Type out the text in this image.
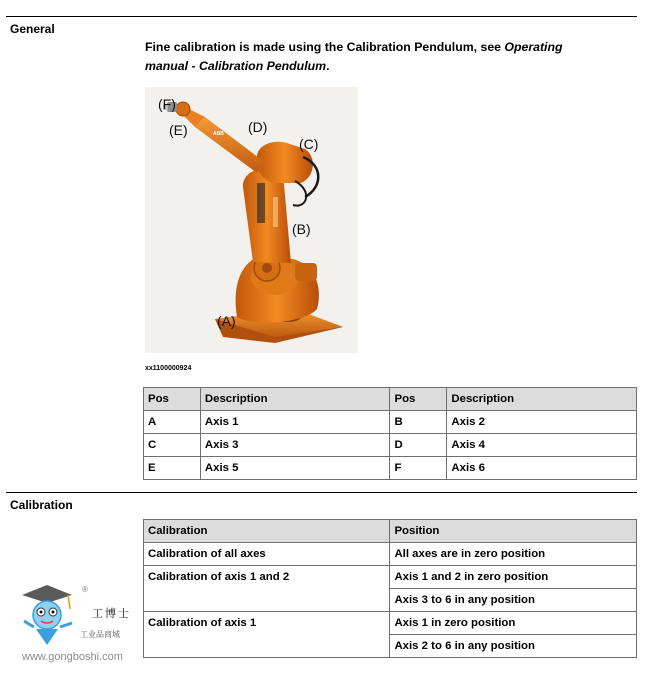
General
Fine calibration is made using the Calibration Pendulum, see Operating manual - Calibration Pendulum.
ABB
(F)
(E)	(D)
(C)
(B)
(A)
xx1100000924
Pos	Description	Pos	Description
A	Axis 1	B	Axis 2
C	Axis 3	D	Axis 4
E	Axis 5	F	Axis 6
Calibration
Calibration	Position
Calibration of all axes	All axes are in zero position
Calibration of axis 1 and 2	Axis 1 and 2 in zero position
	Axis 3 to 6 in any position
Calibration of axis 1	Axis 1 in zero position
	Axis 2 to 6 in any position
®
工博士
工业品商城
www.gongboshi.com
